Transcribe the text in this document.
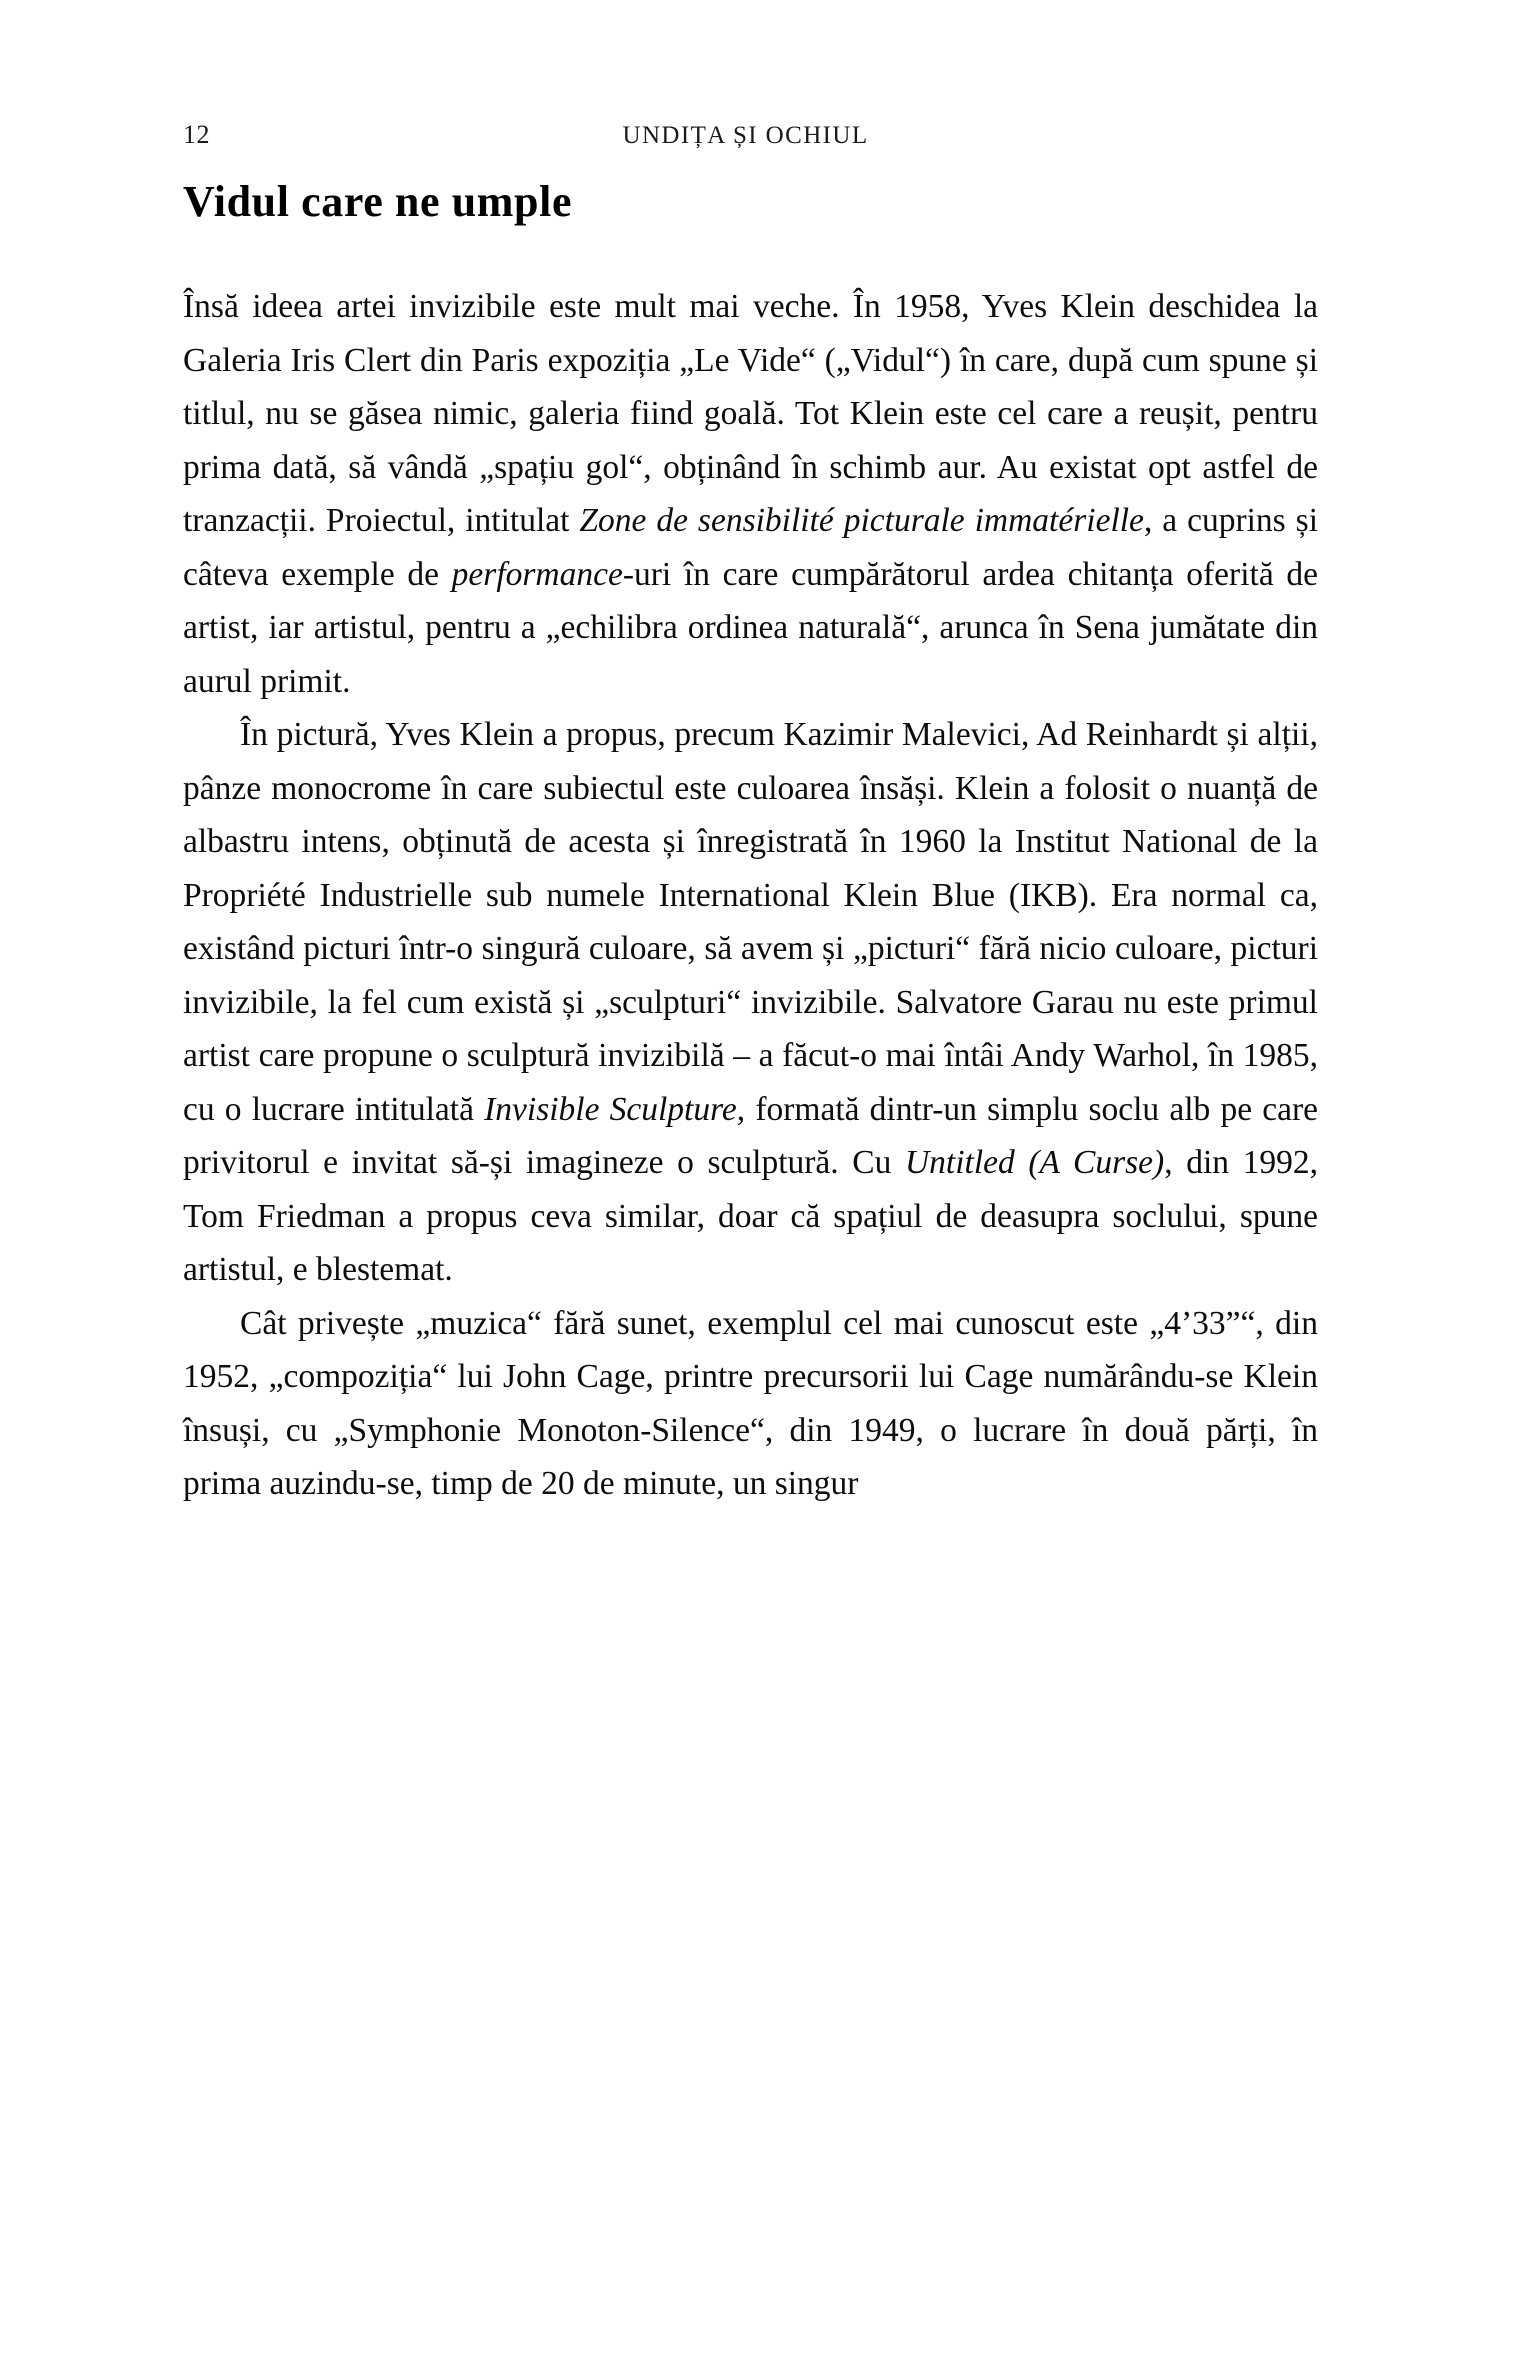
12	UNDIȚA ȘI OCHIUL
Vidul care ne umple

Însă ideea artei invizibile este mult mai veche. În 1958, Yves Klein deschidea la Galeria Iris Clert din Paris expoziția „Le Vide“ („Vidul“) în care, după cum spune și titlul, nu se găsea nimic, galeria fiind goală. Tot Klein este cel care a reușit, pentru prima dată, să vândă „spațiu gol“, obținând în schimb aur. Au existat opt astfel de tranzacții. Proiectul, intitulat Zone de sensibilité picturale immatérielle, a cuprins și câteva exemple de performance-uri în care cumpărătorul ardea chitanța oferită de artist, iar artistul, pentru a „echilibra ordinea naturală“, arunca în Sena jumătate din aurul primit.

În pictură, Yves Klein a propus, precum Kazimir Malevici, Ad Reinhardt și alții, pânze monocrome în care subiectul este culoarea însăși. Klein a folosit o nuanță de albastru intens, obținută de acesta și înregistrată în 1960 la Institut National de la Propriété Industrielle sub numele International Klein Blue (IKB). Era normal ca, existând picturi într-o singură culoare, să avem și „picturi“ fără nicio culoare, picturi invizibile, la fel cum există și „sculpturi“ invizibile. Salvatore Garau nu este primul artist care propune o sculptură invizibilă – a făcut-o mai întâi Andy Warhol, în 1985, cu o lucrare intitulată Invisible Sculpture, formată dintr-un simplu soclu alb pe care privitorul e invitat să-și imagineze o sculptură. Cu Untitled (A Curse), din 1992, Tom Friedman a propus ceva similar, doar că spațiul de deasupra soclului, spune artistul, e blestemat.

Cât privește „muzica“ fără sunet, exemplul cel mai cunoscut este „4’33”“, din 1952, „compoziția“ lui John Cage, printre precursorii lui Cage numărându-se Klein însuși, cu „Symphonie Monoton-Silence“, din 1949, o lucrare în două părți, în prima auzindu-se, timp de 20 de minute, un singur
